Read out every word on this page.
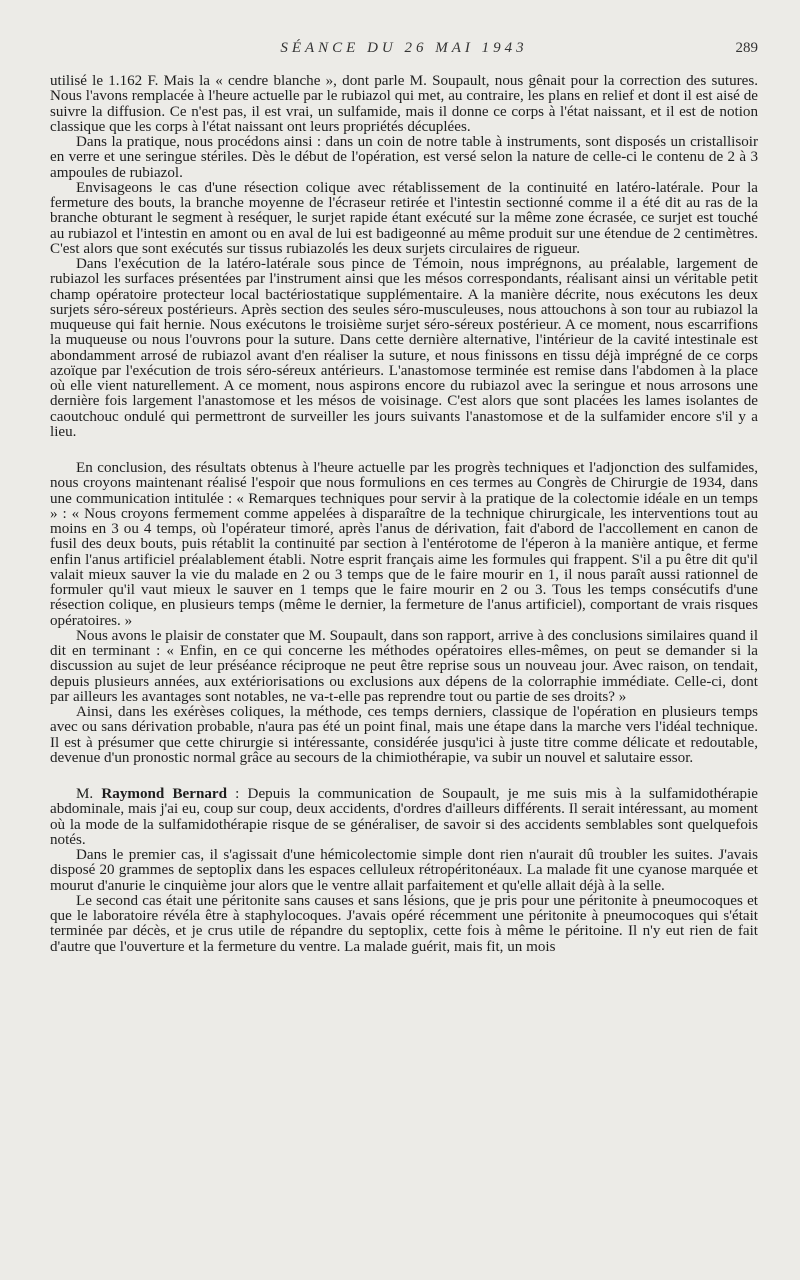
SÉANCE DU 26 MAI 1943	289

utilisé le 1.162 F. Mais la « cendre blanche », dont parle M. Soupault, nous gênait pour la correction des sutures. Nous l'avons remplacée à l'heure actuelle par le rubiazol qui met, au contraire, les plans en relief et dont il est aisé de suivre la diffusion. Ce n'est pas, il est vrai, un sulfamide, mais il donne ce corps à l'état naissant, et il est de notion classique que les corps à l'état naissant ont leurs propriétés décuplées.

Dans la pratique, nous procédons ainsi : dans un coin de notre table à instruments, sont disposés un cristallisoir en verre et une seringue stériles. Dès le début de l'opération, est versé selon la nature de celle-ci le contenu de 2 à 3 ampoules de rubiazol.

Envisageons le cas d'une résection colique avec rétablissement de la continuité en latéro-latérale. Pour la fermeture des bouts, la branche moyenne de l'écraseur retirée et l'intestin sectionné comme il a été dit au ras de la branche obturant le segment à reséquer, le surjet rapide étant exécuté sur la même zone écrasée, ce surjet est touché au rubiazol et l'intestin en amont ou en aval de lui est badigeonné au même produit sur une étendue de 2 centimètres. C'est alors que sont exécutés sur tissus rubiazolés les deux surjets circulaires de rigueur.

Dans l'exécution de la latéro-latérale sous pince de Témoin, nous imprégnons, au préalable, largement de rubiazol les surfaces présentées par l'instrument ainsi que les mésos correspondants, réalisant ainsi un véritable petit champ opératoire protecteur local bactériostatique supplémentaire. A la manière décrite, nous exécutons les deux surjets séro-séreux postérieurs. Après section des seules séro-musculeuses, nous attouchons à son tour au rubiazol la muqueuse qui fait hernie. Nous exécutons le troisième surjet séro-séreux postérieur. A ce moment, nous escarrifions la muqueuse ou nous l'ouvrons pour la suture. Dans cette dernière alternative, l'intérieur de la cavité intestinale est abondamment arrosé de rubiazol avant d'en réaliser la suture, et nous finissons en tissu déjà imprégné de ce corps azoïque par l'exécution de trois séro-séreux antérieurs. L'anastomose terminée est remise dans l'abdomen à la place où elle vient naturellement. A ce moment, nous aspirons encore du rubiazol avec la seringue et nous arrosons une dernière fois largement l'anastomose et les mésos de voisinage. C'est alors que sont placées les lames isolantes de caoutchouc ondulé qui permettront de surveiller les jours suivants l'anastomose et de la sulfamider encore s'il y a lieu.

En conclusion, des résultats obtenus à l'heure actuelle par les progrès techniques et l'adjonction des sulfamides, nous croyons maintenant réalisé l'espoir que nous formulions en ces termes au Congrès de Chirurgie de 1934, dans une communication intitulée : « Remarques techniques pour servir à la pratique de la colectomie idéale en un temps » : « Nous croyons fermement comme appelées à disparaître de la technique chirurgicale, les interventions tout au moins en 3 ou 4 temps, où l'opérateur timoré, après l'anus de dérivation, fait d'abord de l'accollement en canon de fusil des deux bouts, puis rétablit la continuité par section à l'entérotome de l'éperon à la manière antique, et ferme enfin l'anus artificiel préalablement établi. Notre esprit français aime les formules qui frappent. S'il a pu être dit qu'il valait mieux sauver la vie du malade en 2 ou 3 temps que de le faire mourir en 1, il nous paraît aussi rationnel de formuler qu'il vaut mieux le sauver en 1 temps que le faire mourir en 2 ou 3. Tous les temps consécutifs d'une résection colique, en plusieurs temps (même le dernier, la fermeture de l'anus artificiel), comportant de vrais risques opératoires. »

Nous avons le plaisir de constater que M. Soupault, dans son rapport, arrive à des conclusions similaires quand il dit en terminant : « Enfin, en ce qui concerne les méthodes opératoires elles-mêmes, on peut se demander si la discussion au sujet de leur préséance réciproque ne peut être reprise sous un nouveau jour. Avec raison, on tendait, depuis plusieurs années, aux extériorisations ou exclusions aux dépens de la colorraphie immédiate. Celle-ci, dont par ailleurs les avantages sont notables, ne va-t-elle pas reprendre tout ou partie de ses droits? »

Ainsi, dans les exérèses coliques, la méthode, ces temps derniers, classique de l'opération en plusieurs temps avec ou sans dérivation probable, n'aura pas été un point final, mais une étape dans la marche vers l'idéal technique. Il est à présumer que cette chirurgie si intéressante, considérée jusqu'ici à juste titre comme délicate et redoutable, devenue d'un pronostic normal grâce au secours de la chimiothérapie, va subir un nouvel et salutaire essor.

M. Raymond Bernard : Depuis la communication de Soupault, je me suis mis à la sulfamidothérapie abdominale, mais j'ai eu, coup sur coup, deux accidents, d'ordres d'ailleurs différents. Il serait intéressant, au moment où la mode de la sulfamidothérapie risque de se généraliser, de savoir si des accidents semblables sont quelquefois notés.

Dans le premier cas, il s'agissait d'une hémicolectomie simple dont rien n'aurait dû troubler les suites. J'avais disposé 20 grammes de septoplix dans les espaces celluleux rétropéritonéaux. La malade fit une cyanose marquée et mourut d'anurie le cinquième jour alors que le ventre allait parfaitement et qu'elle allait déjà à la selle.

Le second cas était une péritonite sans causes et sans lésions, que je pris pour une péritonite à pneumocoques et que le laboratoire révéla être à staphylocoques. J'avais opéré récemment une péritonite à pneumocoques qui s'était terminée par décès, et je crus utile de répandre du septoplix, cette fois à même le péritoine. Il n'y eut rien de fait d'autre que l'ouverture et la fermeture du ventre. La malade guérit, mais fit, un mois
